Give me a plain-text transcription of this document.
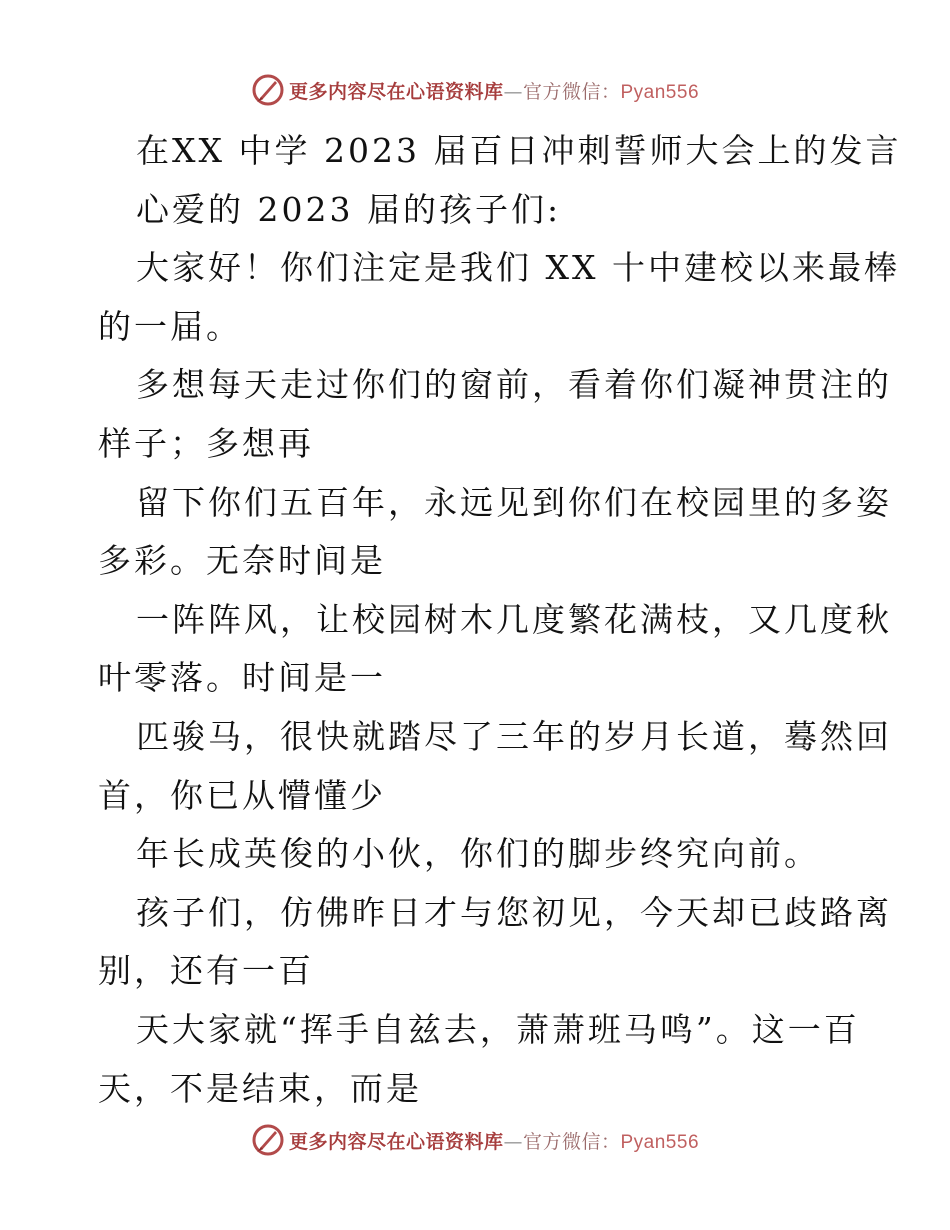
更多内容尽在心语资料库—官方微信：Pyan556
在XX 中学 2023 届百日冲刺誓师大会上的发言
心爱的 2023 届的孩子们:
大家好！你们注定是我们 XX 十中建校以来最棒
的一届。
多想每天走过你们的窗前，看着你们凝神贯注的
样子；多想再
留下你们五百年，永远见到你们在校园里的多姿
多彩。无奈时间是
一阵阵风，让校园树木几度繁花满枝，又几度秋
叶零落。时间是一
匹骏马，很快就踏尽了三年的岁月长道，蓦然回
首，你已从懵懂少
年长成英俊的小伙，你们的脚步终究向前。
孩子们，仿佛昨日才与您初见，今天却已歧路离
别，还有一百
天大家就“挥手自兹去，萧萧班马鸣”。这一百
天，不是结束，而是
更多内容尽在心语资料库—官方微信：Pyan556
